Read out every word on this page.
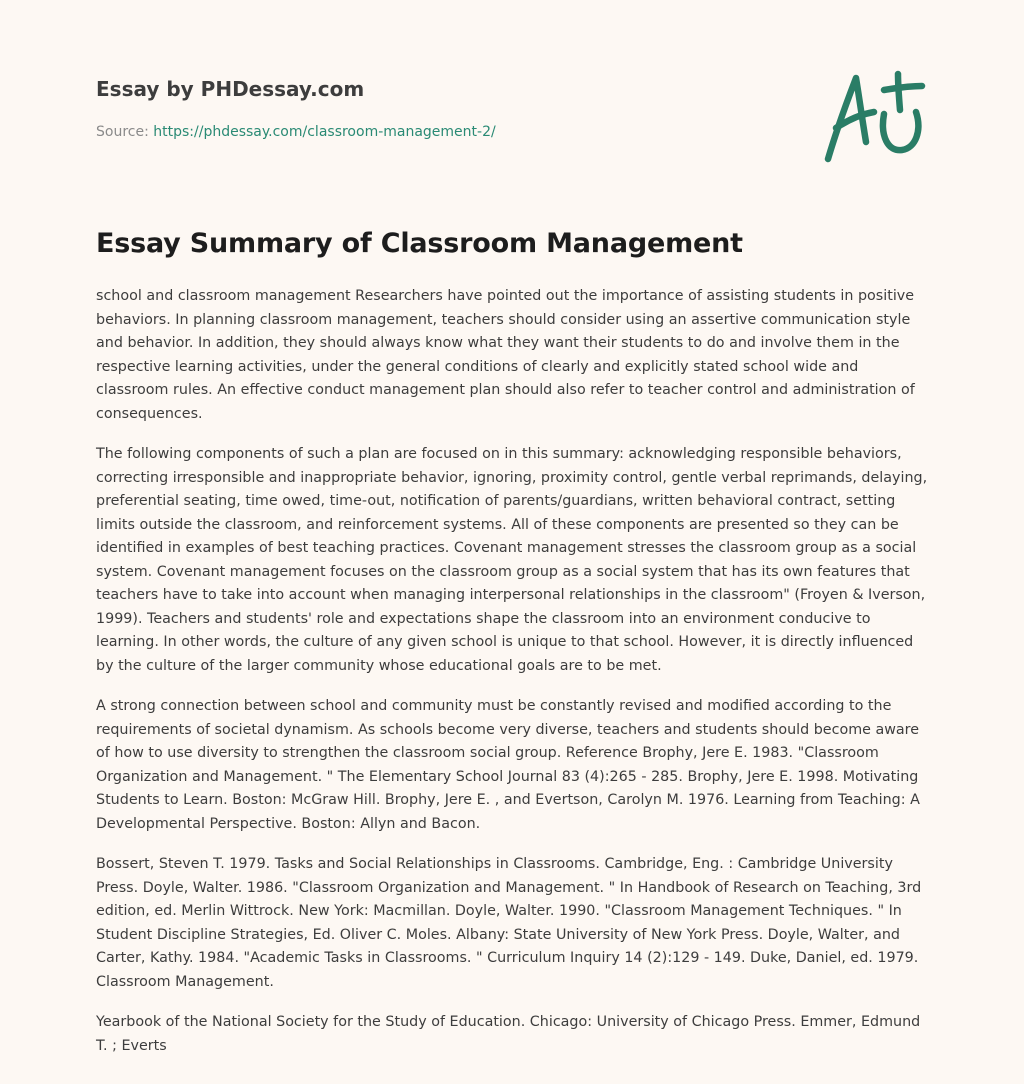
Essay by PHDessay.com
Source: https://phdessay.com/classroom-management-2/
Essay Summary of Classroom Management

school and classroom management Researchers have pointed out the importance of assisting students in positive behaviors. In planning classroom management, teachers should consider using an assertive communication style and behavior. In addition, they should always know what they want their students to do and involve them in the respective learning activities, under the general conditions of clearly and explicitly stated school wide and classroom rules. An effective conduct management plan should also refer to teacher control and administration of consequences.

The following components of such a plan are focused on in this summary: acknowledging responsible behaviors, correcting irresponsible and inappropriate behavior, ignoring, proximity control, gentle verbal reprimands, delaying, preferential seating, time owed, time-out, notification of parents/guardians, written behavioral contract, setting limits outside the classroom, and reinforcement systems. All of these components are presented so they can be identified in examples of best teaching practices. Covenant management stresses the classroom group as a social system. Covenant management focuses on the classroom group as a social system that has its own features that teachers have to take into account when managing interpersonal relationships in the classroom" (Froyen & Iverson, 1999). Teachers and students' role and expectations shape the classroom into an environment conducive to learning. In other words, the culture of any given school is unique to that school. However, it is directly influenced by the culture of the larger community whose educational goals are to be met.

A strong connection between school and community must be constantly revised and modified according to the requirements of societal dynamism. As schools become very diverse, teachers and students should become aware of how to use diversity to strengthen the classroom social group. Reference Brophy, Jere E. 1983. "Classroom Organization and Management. " The Elementary School Journal 83 (4):265 - 285. Brophy, Jere E. 1998. Motivating Students to Learn. Boston: McGraw Hill. Brophy, Jere E. , and Evertson, Carolyn M. 1976. Learning from Teaching: A Developmental Perspective. Boston: Allyn and Bacon.

Bossert, Steven T. 1979. Tasks and Social Relationships in Classrooms. Cambridge, Eng. : Cambridge University Press. Doyle, Walter. 1986. "Classroom Organization and Management. " In Handbook of Research on Teaching, 3rd edition, ed. Merlin Wittrock. New York: Macmillan. Doyle, Walter. 1990. "Classroom Management Techniques. " In Student Discipline Strategies, Ed. Oliver C. Moles. Albany: State University of New York Press. Doyle, Walter, and Carter, Kathy. 1984. "Academic Tasks in Classrooms. " Curriculum Inquiry 14 (2):129 - 149. Duke, Daniel, ed. 1979. Classroom Management.

Yearbook of the National Society for the Study of Education. Chicago: University of Chicago Press. Emmer, Edmund T. ; Everts
